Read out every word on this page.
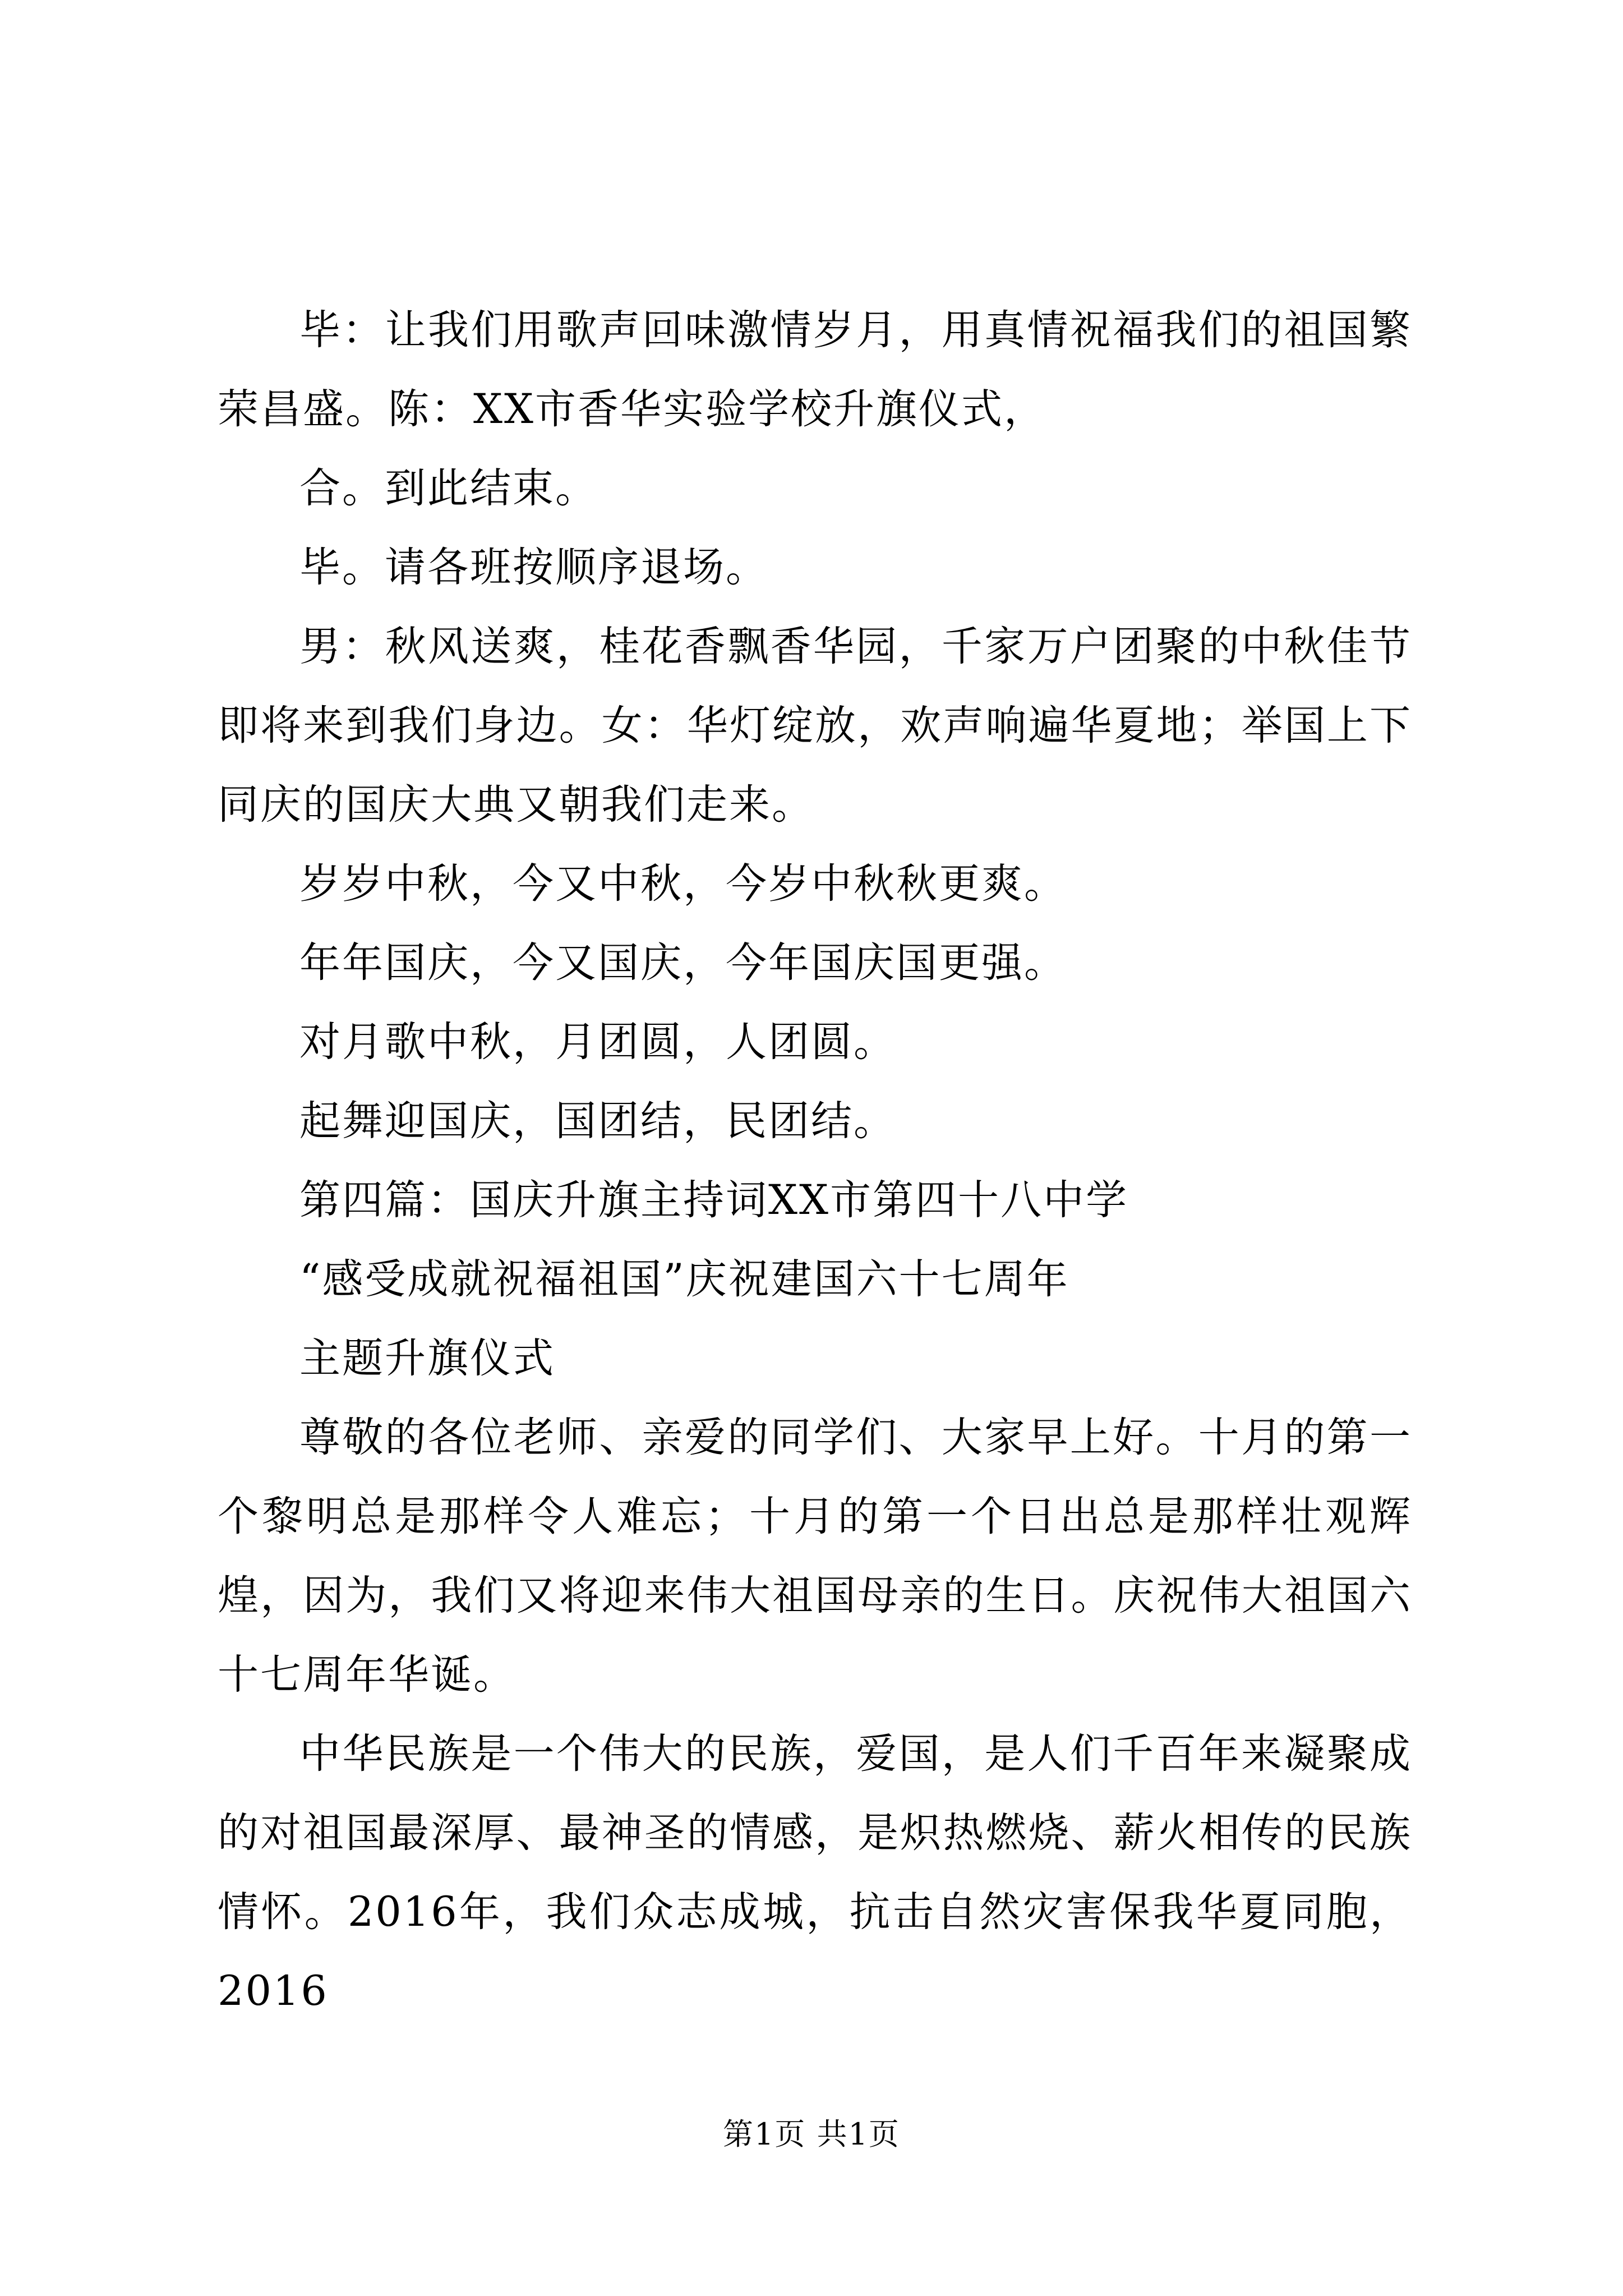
毕：让我们用歌声回味激情岁月，用真情祝福我们的祖国繁荣昌盛。陈：XX市香华实验学校升旗仪式，

合。到此结束。

毕。请各班按顺序退场。

男：秋风送爽，桂花香飘香华园，千家万户团聚的中秋佳节即将来到我们身边。女：华灯绽放，欢声响遍华夏地；举国上下同庆的国庆大典又朝我们走来。

岁岁中秋，今又中秋，今岁中秋秋更爽。

年年国庆，今又国庆，今年国庆国更强。

对月歌中秋，月团圆，人团圆。

起舞迎国庆，国团结，民团结。

第四篇：国庆升旗主持词XX市第四十八中学

“感受成就祝福祖国”庆祝建国六十七周年

主题升旗仪式

尊敬的各位老师、亲爱的同学们、大家早上好。十月的第一个黎明总是那样令人难忘；十月的第一个日出总是那样壮观辉煌，因为，我们又将迎来伟大祖国母亲的生日。庆祝伟大祖国六十七周年华诞。

中华民族是一个伟大的民族，爱国，是人们千百年来凝聚成的对祖国最深厚、最神圣的情感，是炽热燃烧、薪火相传的民族情怀。2016年，我们众志成城，抗击自然灾害保我华夏同胞，2016

第1页 共1页
